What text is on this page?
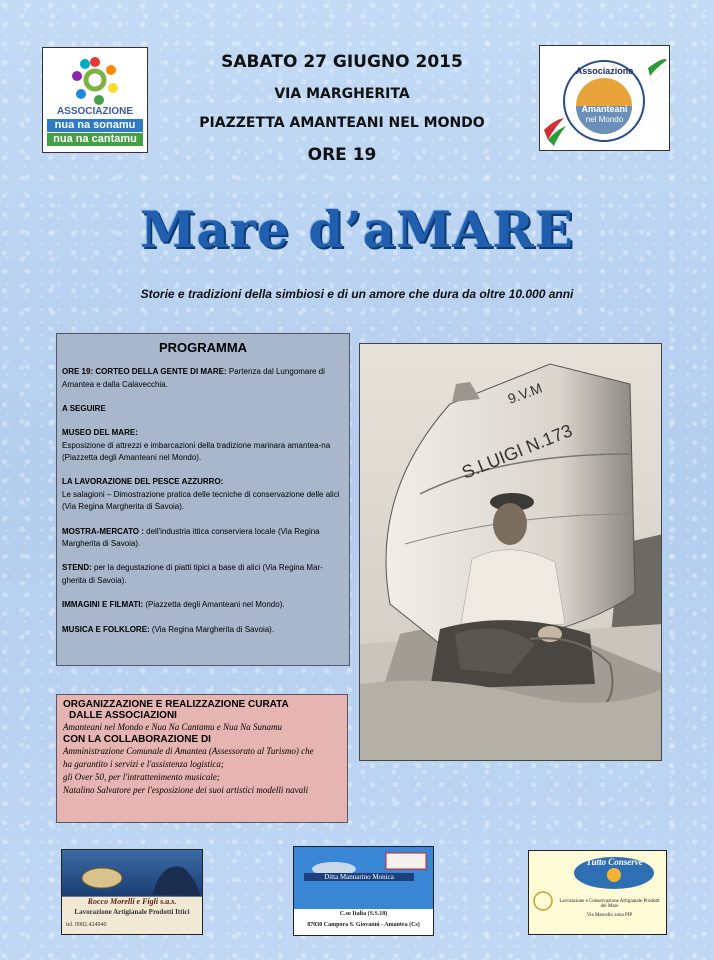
ASSOCIAZIONE
nua na sonamu
nua na cantamu
Associazione
Amanteani
nel Mondo
SABATO 27 GIUGNO 2015
VIA MARGHERITA
PIAZZETTA AMANTEANI NEL MONDO
ORE 19
Mare d’aMARE
Storie e tradizioni della simbiosi e di un amore che dura da oltre 10.000 anni
PROGRAMMA
ORE 19: CORTEO DELLA GENTE DI MARE: Partenza dal Lungomare di Amantea e dalla Calavecchia.
A SEGUIRE
MUSEO DEL MARE:
Esposizione di attrezzi e imbarcazioni della tradizione marinara amantea-na (Piazzetta degli Amanteani nel Mondo).
LA LAVORAZIONE DEL PESCE AZZURRO:
Le salagioni – Dimostrazione pratica delle tecniche di conservazione delle alici (Via Regina Margherita di Savoia).
MOSTRA-MERCATO : dell'industria ittica conserviera locale (Via Regina Margherita di Savoia).
STEND: per la degustazione di piatti tipici a base di alici (Via Regina Mar-gherita di Savoia).
IMMAGINI E FILMATI: (Piazzetta degli Amanteani nel Mondo).
MUSICA E FOLKLORE: (Via Regina Margherita di Savoia).
9.V.M
S.LUIGI N.173
ORGANIZZAZIONE E REALIZZAZIONE CURATA
DALLE ASSOCIAZIONI
Amanteani nel Mondo e Nua Na Cantamu e Nua Na Sunamu
CON LA COLLABORAZIONE DI
Amministrazione Comunale di Amantea (Assessorato al Turismo) che
ha garantito i servizi e l'assistenza logistica;
gli Over 50, per l'intrattenimento musicale;
Natalino Salvatore per l'esposizione dei suoi artistici modelli navali
Rocco Morelli e Figli s.a.s.
Lavorazione Artigianale Prodotti Ittici
tel. 0982.424940
Ditta Mannarino Monica
C.so Italia (S.S.18)
87030 Campora S. Giovanni - Amantea (Cs)
Tutto Conserve
Lavorazione e Conservazione Artigianale Prodotti del Mare
Via Marcello zona PIP
